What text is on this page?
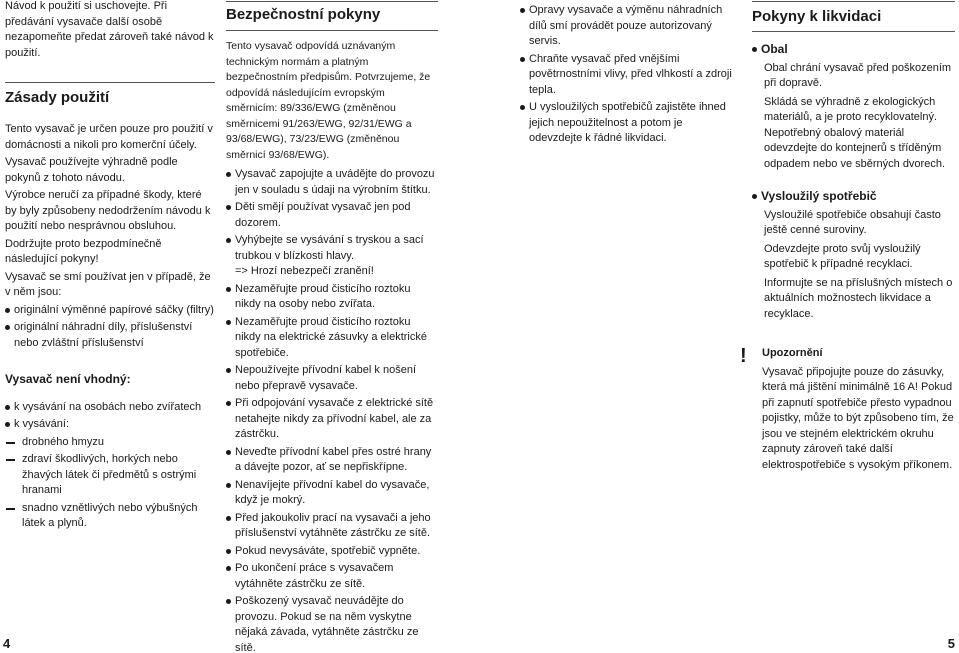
Návod k použití si uschovejte. Při předávání vysavače další osobě nezapomeňte předat zároveň také návod k použití.

Zásady použití

Tento vysavač je určen pouze pro použití v domácnosti a nikoli pro komerční účely.

Vysavač používejte výhradně podle pokynů z tohoto návodu.

Výrobce neručí za případné škody, které by byly způsobeny nedodržením návodu k použití nebo nesprávnou obsluhou.

Dodržujte proto bezpodmínečně následující pokyny!

Vysavač se smí používat jen v případě, že v něm jsou:

originální výměnné papírové sáčky (filtry)
originální náhradní díly, příslušenství nebo zvláštní příslušenství
Vysavač není vhodný:
k vysávání na osobách nebo zvířatech
k vysávání:
drobného hmyzu
zdraví škodlivých, horkých nebo žhavých látek či předmětů s ostrými hranami
snadno vznětlivých nebo výbušných látek a plynů.
Bezpečnostní pokyny

Tento vysavač odpovídá uznávaným technickým normám a platným bezpečnostním předpisům. Potvrzujeme, že odpovídá následujícím evropským směrnicím: 89/336/EWG (změněnou směrnicemi 91/263/EWG, 92/31/EWG a 93/68/EWG), 73/23/EWG (změněnou směrnicí 93/68/EWG).

Vysavač zapojujte a uvádějte do provozu jen v souladu s údaji na výrobním štítku.
Děti smějí používat vysavač jen pod dozorem.
Vyhýbejte se vysávání s tryskou a sací trubkou v blízkosti hlavy.
=> Hrozí nebezpečí zranění!
Nezaměřujte proud čisticího roztoku nikdy na osoby nebo zvířata.
Nezaměřujte proud čisticího roztoku nikdy na elektrické zásuvky a elektrické spotřebiče.
Nepoužívejte přívodní kabel k nošení nebo přepravě vysavače.
Při odpojování vysavače z elektrické sítě netahejte nikdy za přívodní kabel, ale za zástrčku.
Neveďte přívodní kabel přes ostré hrany a dávejte pozor, ať se nepřiskřípne.
Nenavíjejte přívodní kabel do vysavače, když je mokrý.
Před jakoukoliv prací na vysavači a jeho příslušenství vytáhněte zástrčku ze sítě.
Pokud nevysáváte, spotřebič vypněte.
Po ukončení práce s vysavačem vytáhněte zástrčku ze sítě.
Poškozený vysavač neuvádějte do provozu. Pokud se na něm vyskytne nějaká závada, vytáhněte zástrčku ze sítě.
Opravy vysavače a výměnu náhradních dílů smí provádět pouze autorizovaný servis.
Chraňte vysavač před vnějšími povětrnostními vlivy, před vlhkostí a zdroji tepla.
U vysloužilých spotřebičů zajistěte ihned jejich nepoužitelnost a potom je odevzdejte k řádné likvidaci.
Pokyny k likvidaci
Obal

Obal chrání vysavač před poškozením při dopravě.

Skládá se výhradně z ekologických materiálů, a je proto recyklovatelný. Nepotřebný obalový materiál odevzdejte do kontejnerů s tříděným odpadem nebo ve sběrných dvorech.

Vysloužilý spotřebič

Vysloužilé spotřebiče obsahují často ještě cenné suroviny.

Odevzdejte proto svůj vysloužilý spotřebič k případné recyklaci.

Informujte se na příslušných místech o aktuálních možnostech likvidace a recyklace.

! Upozornění

Vysavač připojujte pouze do zásuvky, která má jištění minimálně 16 A! Pokud při zapnutí spotřebiče přesto vypadnou pojistky, může to být způsobeno tím, že jsou ve stejném elektrickém okruhu zapnuty zároveň také další elektrospotřebiče s vysokým příkonem.

4	5
